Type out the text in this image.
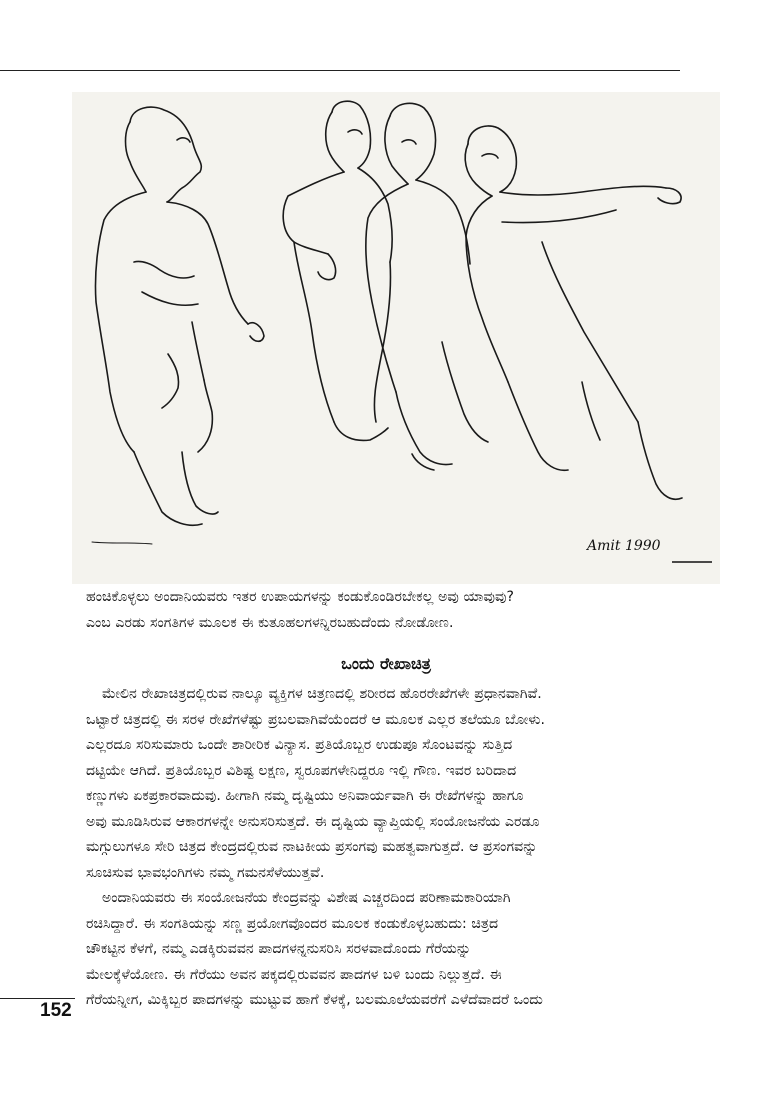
Amit 1990

ಹಂಚಿಕೊಳ್ಳಲು ಅಂದಾನಿಯವರು ಇತರ ಉಪಾಯಗಳನ್ನು ಕಂಡುಕೊಂಡಿರಬೇಕಲ್ಲ ಅವು ಯಾವುವು?

ಎಂಬ ಎರಡು ಸಂಗತಿಗಳ ಮೂಲಕ ಈ ಕುತೂಹಲಗಳನ್ನಿರಬಹುದೆಂದು ನೋಡೋಣ.

ಒಂದು ರೇಖಾಚಿತ್ರ

ಮೇಲಿನ ರೇಖಾಚಿತ್ರದಲ್ಲಿರುವ ನಾಲ್ಕೂ ವ್ಯಕ್ತಿಗಳ ಚಿತ್ರಣದಲ್ಲಿ ಶರೀರದ ಹೊರರೇಖೆಗಳೇ ಪ್ರಧಾನವಾಗಿವೆ.

ಒಟ್ಟಾರೆ ಚಿತ್ರದಲ್ಲಿ ಈ ಸರಳ ರೇಖೆಗಳೆಷ್ಟು ಪ್ರಬಲವಾಗಿವೆಯೆಂದರೆ ಆ ಮೂಲಕ ಎಲ್ಲರ ತಲೆಯೂ ಬೋಳು.

ಎಲ್ಲರದೂ ಸರಿಸುಮಾರು ಒಂದೇ ಶಾರೀರಿಕ ವಿನ್ಯಾಸ. ಪ್ರತಿಯೊಬ್ಬರ ಉಡುಪೂ ಸೊಂಟವನ್ನು ಸುತ್ತಿದ

ದಟ್ಟಿಯೇ ಆಗಿದೆ. ಪ್ರತಿಯೊಬ್ಬರ ವಿಶಿಷ್ಟ ಲಕ್ಷಣ, ಸ್ವರೂಪಗಳೇನಿದ್ದರೂ ಇಲ್ಲಿ ಗೌಣ. ಇವರ ಬರಿದಾದ

ಕಣ್ಣುಗಳು ಏಕಪ್ರಕಾರವಾದುವು. ಹೀಗಾಗಿ ನಮ್ಮ ದೃಷ್ಟಿಯು ಅನಿವಾರ್ಯವಾಗಿ ಈ ರೇಖೆಗಳನ್ನು ಹಾಗೂ

ಅವು ಮೂಡಿಸಿರುವ ಆಕಾರಗಳನ್ನೇ ಅನುಸರಿಸುತ್ತದೆ. ಈ ದೃಷ್ಟಿಯ ವ್ಯಾಪ್ತಿಯಲ್ಲಿ ಸಂಯೋಜನೆಯ ಎರಡೂ

ಮಗ್ಗುಲುಗಳೂ ಸೇರಿ ಚಿತ್ರದ ಕೇಂದ್ರದಲ್ಲಿರುವ ನಾಟಕೀಯ ಪ್ರಸಂಗವು ಮಹತ್ವವಾಗುತ್ತದೆ. ಆ ಪ್ರಸಂಗವನ್ನು

ಸೂಚಿಸುವ ಭಾವಭಂಗಿಗಳು ನಮ್ಮ ಗಮನಸೆಳೆಯುತ್ತವೆ.

ಅಂದಾನಿಯವರು ಈ ಸಂಯೋಜನೆಯ ಕೇಂದ್ರವನ್ನು ವಿಶೇಷ ಎಚ್ಚರದಿಂದ ಪರಿಣಾಮಕಾರಿಯಾಗಿ

ರಚಿಸಿದ್ದಾರೆ. ಈ ಸಂಗತಿಯನ್ನು ಸಣ್ಣ ಪ್ರಯೋಗವೊಂದರ ಮೂಲಕ ಕಂಡುಕೊಳ್ಳಬಹುದು: ಚಿತ್ರದ

ಚೌಕಟ್ಟಿನ ಕೆಳಗೆ, ನಮ್ಮ ಎಡಕ್ಕಿರುವವನ ಪಾದಗಳನ್ನನುಸರಿಸಿ ಸರಳವಾದೊಂದು ಗೆರೆಯನ್ನು

ಮೇಲಕ್ಕೆಳೆಯೋಣ. ಈ ಗೆರೆಯು ಅವನ ಪಕ್ಕದಲ್ಲಿರುವವನ ಪಾದಗಳ ಬಳಿ ಬಂದು ನಿಲ್ಲುತ್ತದೆ. ಈ

ಗೆರೆಯನ್ನೀಗ, ಮಿಕ್ಕಿಬ್ಬರ ಪಾದಗಳನ್ನು ಮುಟ್ಟುವ ಹಾಗೆ ಕೆಳಕ್ಕೆ, ಬಲಮೂಲೆಯವರೆಗೆ ಎಳೆದೆವಾದರೆ ಒಂದು

152
